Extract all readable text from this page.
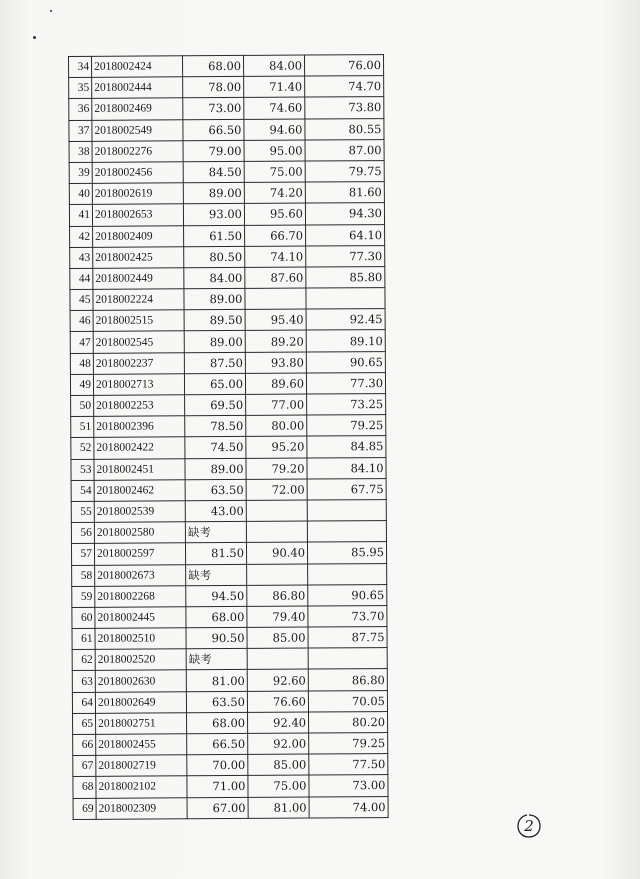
34	2018002424	68.00	84.00	76.00
35	2018002444	78.00	71.40	74.70
36	2018002469	73.00	74.60	73.80
37	2018002549	66.50	94.60	80.55
38	2018002276	79.00	95.00	87.00
39	2018002456	84.50	75.00	79.75
40	2018002619	89.00	74.20	81.60
41	2018002653	93.00	95.60	94.30
42	2018002409	61.50	66.70	64.10
43	2018002425	80.50	74.10	77.30
44	2018002449	84.00	87.60	85.80
45	2018002224	89.00		
46	2018002515	89.50	95.40	92.45
47	2018002545	89.00	89.20	89.10
48	2018002237	87.50	93.80	90.65
49	2018002713	65.00	89.60	77.30
50	2018002253	69.50	77.00	73.25
51	2018002396	78.50	80.00	79.25
52	2018002422	74.50	95.20	84.85
53	2018002451	89.00	79.20	84.10
54	2018002462	63.50	72.00	67.75
55	2018002539	43.00		
56	2018002580	缺考		
57	2018002597	81.50	90.40	85.95
58	2018002673	缺考		
59	2018002268	94.50	86.80	90.65
60	2018002445	68.00	79.40	73.70
61	2018002510	90.50	85.00	87.75
62	2018002520	缺考		
63	2018002630	81.00	92.60	86.80
64	2018002649	63.50	76.60	70.05
65	2018002751	68.00	92.40	80.20
66	2018002455	66.50	92.00	79.25
67	2018002719	70.00	85.00	77.50
68	2018002102	71.00	75.00	73.00
69	2018002309	67.00	81.00	74.00
2
